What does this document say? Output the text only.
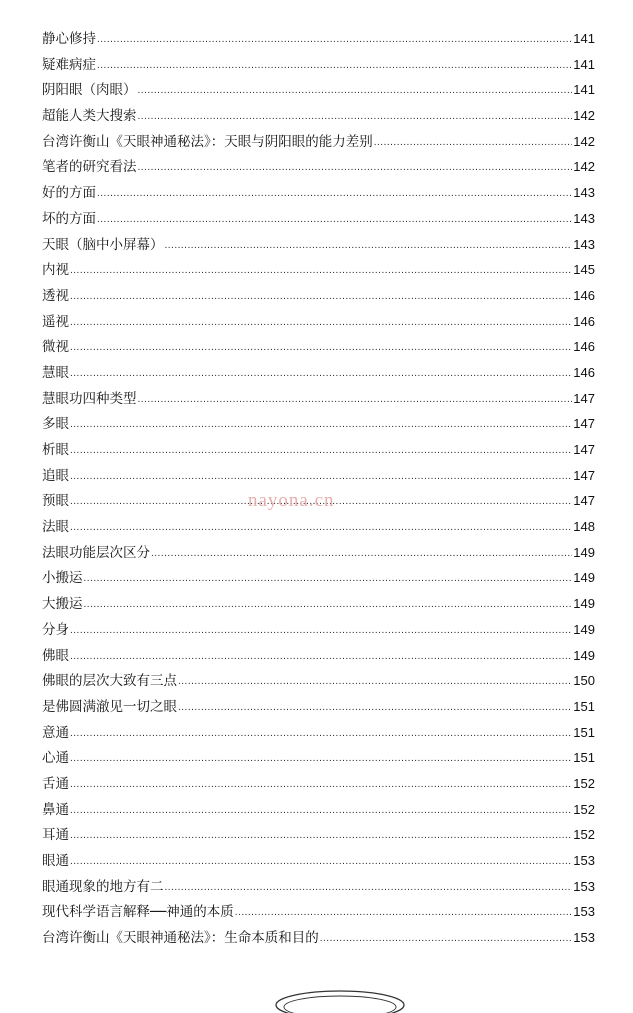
静心修持 .....	141
疑难病症 .....	141
阴阳眼（肉眼） .....	141
超能人类大搜索 .....	142
台湾许衡山《天眼神通秘法》：天眼与阴阳眼的能力差别 .....	142
笔者的研究看法 .....	142
好的方面 .....	143
坏的方面 .....	143
天眼（脑中小屏幕） .....	143
内视 .....	145
透视 .....	146
遥视 .....	146
微视 .....	146
慧眼 .....	146
慧眼功四种类型 .....	147
多眼 .....	147
析眼 .....	147
追眼 .....	147
预眼 .....	147
法眼 .....	148
法眼功能层次区分 .....	149
小搬运 .....	149
大搬运 .....	149
分身 .....	149
佛眼 .....	149
佛眼的层次大致有三点 .....	150
是佛圆满澈见一切之眼 .....	151
意通 .....	151
心通 .....	151
舌通 .....	152
鼻通 .....	152
耳通 .....	152
眼通 .....	153
眼通现象的地方有二 .....	153
现代科学语言解释──神通的本质 .....	153
台湾许衡山《天眼神通秘法》：生命本质和目的 .....	153
nayona.cn
